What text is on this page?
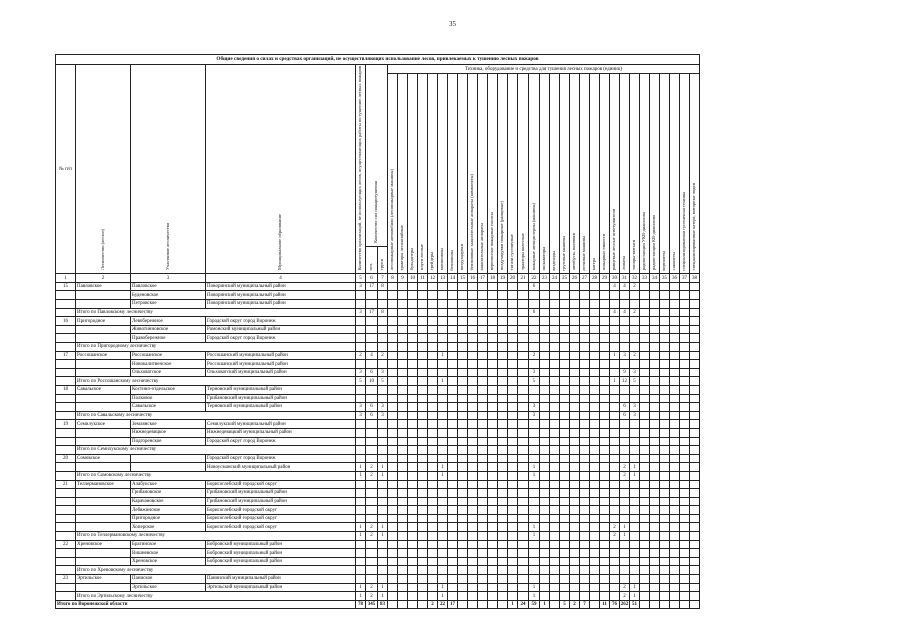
35
Общие сведения о силах и средствах организаций, не осуществляющих использование лесов, привлекаемых к тушению лесных пожаров																																					
№ п/п	Лесничество (лесхоз)	Участковое лесничество	Муниципальное образование	Количество организаций, не использующих лесов, осуществляющих работы по тушению лесных пожаров	Количество сил пожаротушения		Техника, оборудование и средства для тушения лесных пожаров (единиц)																														
							лесопожарные автомобили (лесопожарные машины)	тракторы лесохозяйные	бульдозеры	плуги лесные	грейдеры	мотопомпы	бензопилы	воздуходувки	бензиновые зажигательные аппараты (комплекты)	зажигательные аппараты	переносные пожарные насосы	воздуходувки пожарные (ранцевые)	тягачи гусеничные	тракторы колесные	пожарные автоцистерны (машины)	экскаваторы	вездеходы	грузовые машины	автобусы, вахтовки	легковые машины	катера	пожарные емкости	ранцевые лесные огнетушители	лопаты	топоры-мотыги	радиостанции УКВ-диапазона	радиостанции КВ-диапазона	вертолеты	самолеты	специализированная гусеничная техника	специализированные катера, моторные лодки
					чел.	групп																															
1	2	3	4	5	6	7	8	9	10	11	12	13	14	15	16	17	18	19	20	21	22	23	24	25	26	27	28	29	30	31	32	33	34	35	36	37	38
15	Павловское	Павловское	Поворинский муниципальный район	3	17	8															6								4	4	2						
		Буденовское	Поворинский муниципальный район																																		
		Петровское	Поворинский муниципальный район																																		
	Итого по Павловскому лесничеству			3	17	8															6								4	4	2						
16	Пригородное	Левобережное	Городской округ город Воронеж																																		
		Животинновское	Рамонский муниципальный район																																		
		Правобережное	Городской округ город Воронеж																																		
	Итого по Пригородному лесничеству																																				
17	Россошанское	Россошанское	Россошанский муниципальный район	2	4	2						1									2								1	3	2						
		Новокалитвенское	Россошанский муниципальный район																																		
		Ольховатское	Ольховатский муниципальный район	3	6	3															3									9	3						
	Итого по Россошанскому лесничеству			5	10	5						1									5								1	12	5						
18	Савальское	Костино-отдельское	Терновский муниципальный район																																		
		Полковое	Грибановский муниципальный район																																		
		Савальское	Терновский муниципальный район	3	6	3															3									6	3						
	Итого по Савальскому лесничеству			3	6	3															3									6	3						
19	Семилукское	Землянское	Семилукский муниципальный район																																		
		Нижнедевицкое	Нижнедевицкий муниципальный район																																		
		Подгоренское	Городской округ город Воронеж																																		
	Итого по Семилукскому лесничеству																																				
20	Сомовское		Городской округ город Воронеж																																		
			Новоусманский муниципальный район	1	2	1						1									1									2	1						
	Итого по Сомовскому лесничеству			1	2	1						1									1									2	1						
21	Теллермановское	Алабукское	Борисоглебский городской округ																																		
		Грибановское	Грибановский муниципальный район																																		
		Карачановское	Грибановский муниципальный район																																		
		Лебяжинское	Борисоглебский городской округ																																		
		Пригородное	Борисоглебский городской округ																																		
		Хоперское	Борисоглебский городской округ	1	2	1															1								2	1							
	Итого по Теллермановскому лесничеству			1	2	1															1								2	1							
22	Хреновское	Брагинское	Бобровский муниципальный район																																		
		Вишневское	Бобровский муниципальный район																																		
		Хреновское	Бобровский муниципальный район																																		
	Итого по Хреновскому лесничеству																																				
23	Эртильское	Паниское	Панинский муниципальный район																																		
		Эртильское	Эртильский муниципальный район	1	2	1						1									1									2	1						
	Итого по Эртильскому лесничеству			1	2	1						1									1									2	1						
Итого по Воронежской области				78	345	83					2	22	17						1	24	59	1		5	2	7		11	76	262	51						
